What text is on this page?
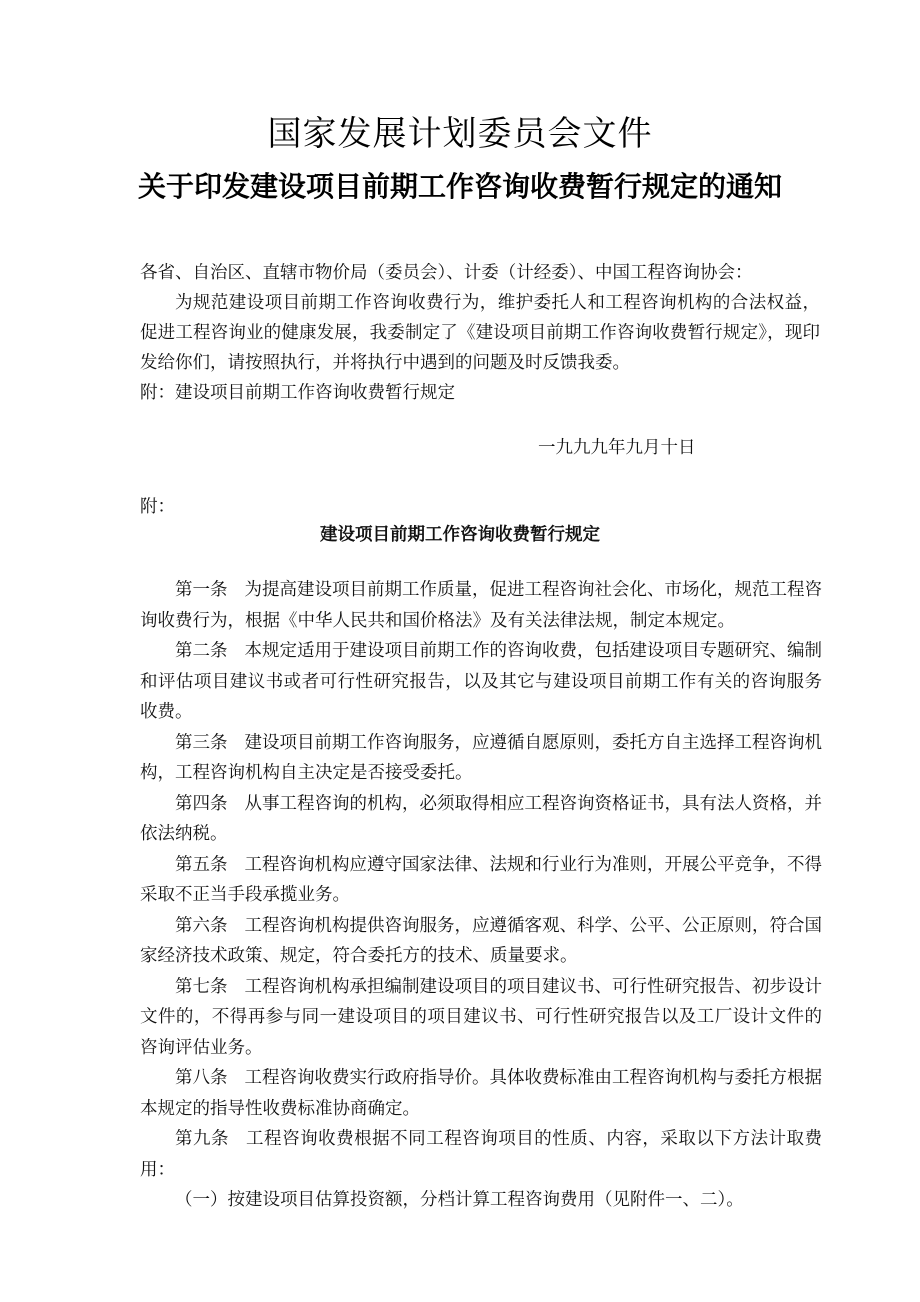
国家发展计划委员会文件
关于印发建设项目前期工作咨询收费暂行规定的通知
各省、自治区、直辖市物价局（委员会）、计委（计经委）、中国工程咨询协会：
为规范建设项目前期工作咨询收费行为，维护委托人和工程咨询机构的合法权益，促进工程咨询业的健康发展，我委制定了《建设项目前期工作咨询收费暂行规定》，现印发给你们，请按照执行，并将执行中遇到的问题及时反馈我委。
附：建设项目前期工作咨询收费暂行规定
一九九九年九月十日
附：
建设项目前期工作咨询收费暂行规定

第一条 为提高建设项目前期工作质量，促进工程咨询社会化、市场化，规范工程咨询收费行为，根据《中华人民共和国价格法》及有关法律法规，制定本规定。

第二条 本规定适用于建设项目前期工作的咨询收费，包括建设项目专题研究、编制和评估项目建议书或者可行性研究报告，以及其它与建设项目前期工作有关的咨询服务收费。

第三条 建设项目前期工作咨询服务，应遵循自愿原则，委托方自主选择工程咨询机构，工程咨询机构自主决定是否接受委托。

第四条 从事工程咨询的机构，必须取得相应工程咨询资格证书，具有法人资格，并依法纳税。

第五条 工程咨询机构应遵守国家法律、法规和行业行为准则，开展公平竞争，不得采取不正当手段承揽业务。

第六条 工程咨询机构提供咨询服务，应遵循客观、科学、公平、公正原则，符合国家经济技术政策、规定，符合委托方的技术、质量要求。

第七条 工程咨询机构承担编制建设项目的项目建议书、可行性研究报告、初步设计文件的，不得再参与同一建设项目的项目建议书、可行性研究报告以及工厂设计文件的咨询评估业务。

第八条 工程咨询收费实行政府指导价。具体收费标准由工程咨询机构与委托方根据本规定的指导性收费标准协商确定。

第九条 工程咨询收费根据不同工程咨询项目的性质、内容，采取以下方法计取费用：

（一）按建设项目估算投资额，分档计算工程咨询费用（见附件一、二）。
